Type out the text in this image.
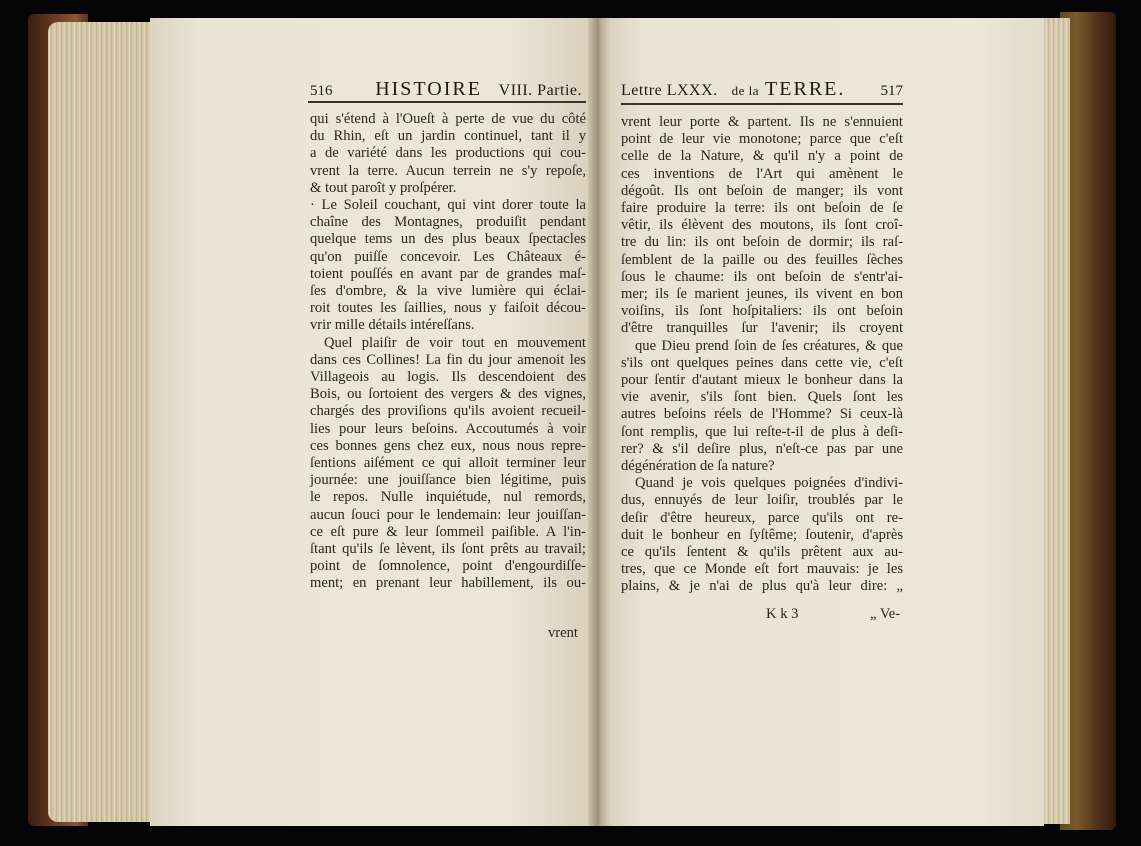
516 HISTOIRE VIII. Partie. Lettre LXXX. de la TERRE. 517
qui s'étend à l'Oueſt à perte de vue du côté
du Rhin, eſt un jardin continuel, tant il y
a de variété dans les productions qui cou-
vrent la terre. Aucun terrein ne s'y repoſe,
& tout paroît y proſpérer.
· Le Soleil couchant, qui vint dorer toute la
chaîne des Montagnes, produiſit pendant
quelque tems un des plus beaux ſpectacles
qu'on puiſſe concevoir. Les Châteaux é-
toient pouſſés en avant par de grandes maſ-
ſes d'ombre, & la vive lumière qui éclai-
roit toutes les ſaillies, nous y faiſoit décou-
vrir mille détails intéreſſans.
Quel plaiſir de voir tout en mouvement
dans ces Collines! La fin du jour amenoit les
Villageois au logis. Ils descendoient des
Bois, ou ſortoient des vergers & des vignes,
chargés des proviſions qu'ils avoient recueil-
lies pour leurs beſoins. Accoutumés à voir
ces bonnes gens chez eux, nous nous repre-
ſentions aiſément ce qui alloit terminer leur
journée: une jouiſſance bien légitime, puis
le repos. Nulle inquiétude, nul remords,
aucun ſouci pour le lendemain: leur jouiſſan-
ce eſt pure & leur ſommeil paiſible. A l'in-
ſtant qu'ils ſe lèvent, ils ſont prêts au travail;
point de ſomnolence, point d'engourdiſſe-
ment; en prenant leur habillement, ils ou-
vrent
vrent leur porte & partent. Ils ne s'ennuient
point de leur vie monotone; parce que c'eſt
celle de la Nature, & qu'il n'y a point de
ces inventions de l'Art qui amènent le
dégoût. Ils ont beſoin de manger; ils vont
faire produire la terre: ils ont beſoin de ſe
vêtir, ils élèvent des moutons, ils ſont croî-
tre du lin: ils ont beſoin de dormir; ils raſ-
ſemblent de la paille ou des feuilles ſèches
ſous le chaume: ils ont beſoin de s'entr'ai-
mer; ils ſe marient jeunes, ils vivent en bon
voiſins, ils ſont hoſpitaliers: ils ont beſoin
d'être tranquilles ſur l'avenir; ils croyent
que Dieu prend ſoin de ſes créatures, & que
s'ils ont quelques peines dans cette vie, c'eſt
pour ſentir d'autant mieux le bonheur dans la
vie avenir, s'ils ſont bien. Quels ſont les
autres beſoins réels de l'Homme? Si ceux-là
ſont remplis, que lui reſte-t-il de plus à deſi-
rer? & s'il deſire plus, n'eſt-ce pas par une
dégénération de ſa nature?
Quand je vois quelques poignées d'indivi-
dus, ennuyés de leur loiſir, troublés par le
deſir d'être heureux, parce qu'ils ont re-
duit le bonheur en ſyſtême; ſoutenir, d'après
ce qu'ils ſentent & qu'ils prêtent aux au-
tres, que ce Monde eſt fort mauvais: je les
plains, & je n'ai de plus qu'à leur dire: „
K k 3	„ Ve-
